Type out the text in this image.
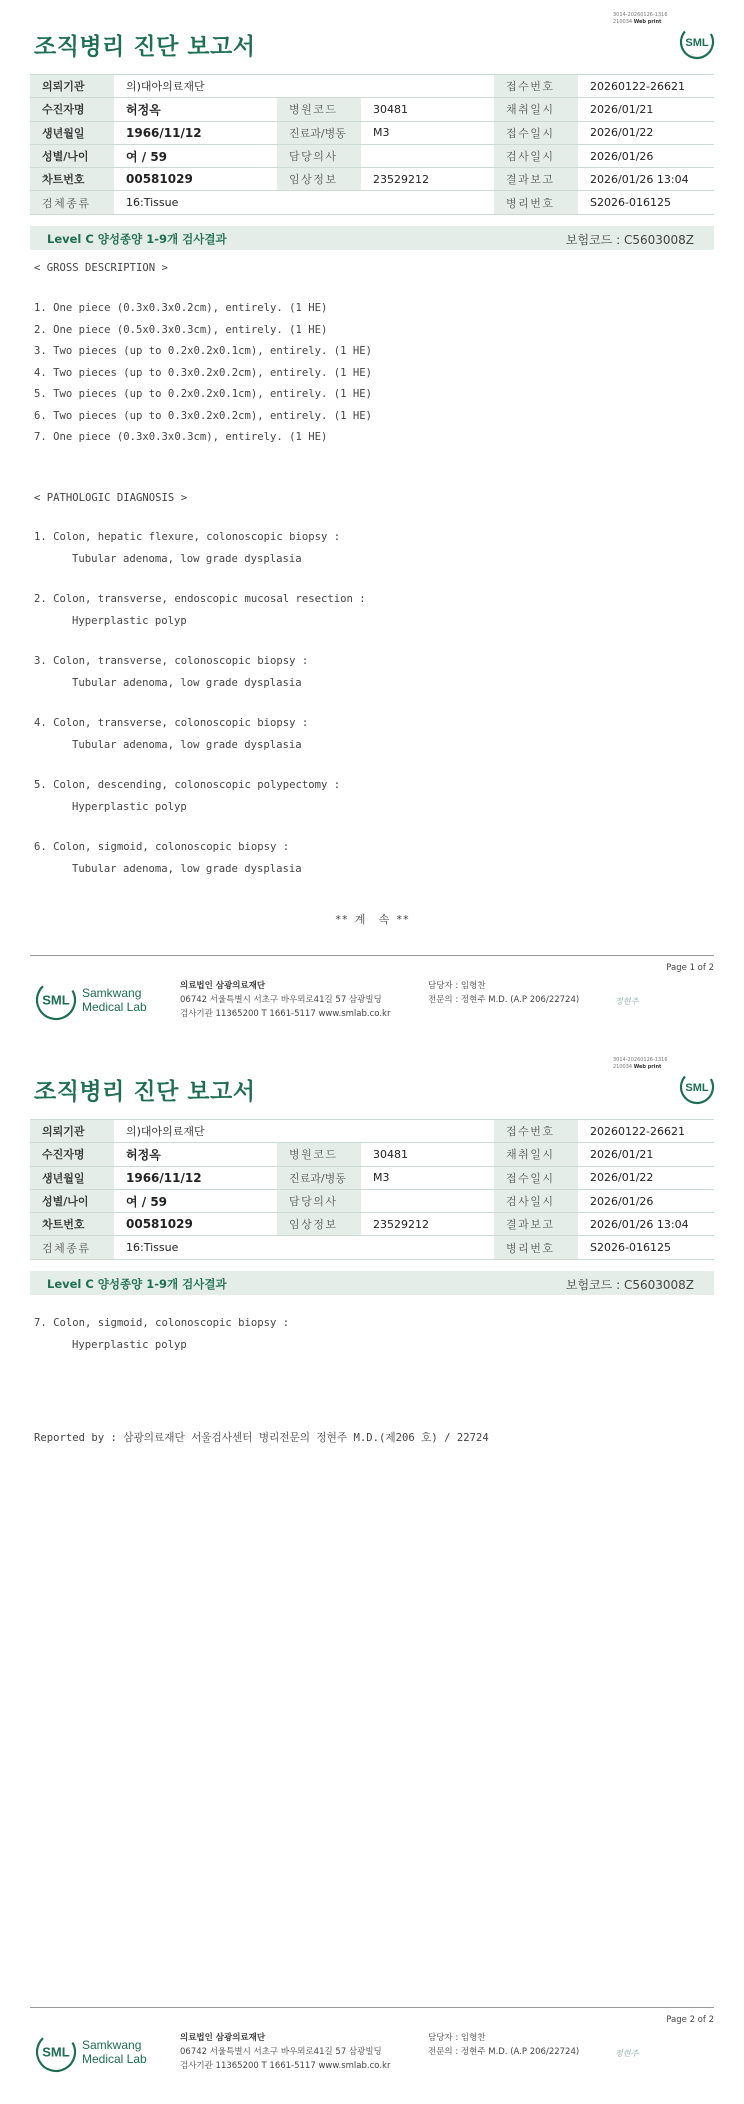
3014-20260126-1316
210034 Web print
조직병리 진단 보고서	SML
의뢰기관	의)대아의료재단			접수번호	20260122-26621
수진자명	허정옥	병원코드	30481	채취일시	2026/01/21
생년월일	1966/11/12	진료과/병동	M3	접수일시	2026/01/22
성별/나이	여 / 59	담당의사		검사일시	2026/01/26
차트번호	00581029	임상정보	23529212	결과보고	2026/01/26 13:04
검체종류	16:Tissue			병리번호	S2026-016125
Level C 양성종양 1-9개 검사결과	보험코드 : C5603008Z
< GROSS DESCRIPTION >
1. One piece (0.3x0.3x0.2cm), entirely. (1 HE)
2. One piece (0.5x0.3x0.3cm), entirely. (1 HE)
3. Two pieces (up to 0.2x0.2x0.1cm), entirely. (1 HE)
4. Two pieces (up to 0.3x0.2x0.2cm), entirely. (1 HE)
5. Two pieces (up to 0.2x0.2x0.1cm), entirely. (1 HE)
6. Two pieces (up to 0.3x0.2x0.2cm), entirely. (1 HE)
7. One piece (0.3x0.3x0.3cm), entirely. (1 HE)
< PATHOLOGIC DIAGNOSIS >
1. Colon, hepatic flexure, colonoscopic biopsy :
Tubular adenoma, low grade dysplasia
2. Colon, transverse, endoscopic mucosal resection :
Hyperplastic polyp
3. Colon, transverse, colonoscopic biopsy :
Tubular adenoma, low grade dysplasia
4. Colon, transverse, colonoscopic biopsy :
Tubular adenoma, low grade dysplasia
5. Colon, descending, colonoscopic polypectomy :
Hyperplastic polyp
6. Colon, sigmoid, colonoscopic biopsy :
Tubular adenoma, low grade dysplasia
** 계  속 **
Page 1 of 2
SML Samkwang
Medical Lab
의료법인 삼광의료재단
06742 서울특별시 서초구 바우뫼로41길 57 삼광빌딩
검사기관 11365200 T 1661-5117 www.smlab.co.kr
담당자 : 임형찬
전문의 : 정현주 M.D. (A.P 206/22724)	정현주
3014-20260126-1316
210034 Web print
조직병리 진단 보고서	SML
의뢰기관	의)대아의료재단			접수번호	20260122-26621
수진자명	허정옥	병원코드	30481	채취일시	2026/01/21
생년월일	1966/11/12	진료과/병동	M3	접수일시	2026/01/22
성별/나이	여 / 59	담당의사		검사일시	2026/01/26
차트번호	00581029	임상정보	23529212	결과보고	2026/01/26 13:04
검체종류	16:Tissue			병리번호	S2026-016125
Level C 양성종양 1-9개 검사결과	보험코드 : C5603008Z
7. Colon, sigmoid, colonoscopic biopsy :
Hyperplastic polyp
Reported by : 삼광의료재단 서울검사센터 병리전문의 정현주 M.D.(제206 호) / 22724
Page 2 of 2
SML Samkwang
Medical Lab
의료법인 삼광의료재단
06742 서울특별시 서초구 바우뫼로41길 57 삼광빌딩
검사기관 11365200 T 1661-5117 www.smlab.co.kr
담당자 : 임형찬
전문의 : 정현주 M.D. (A.P 206/22724)	정현주
